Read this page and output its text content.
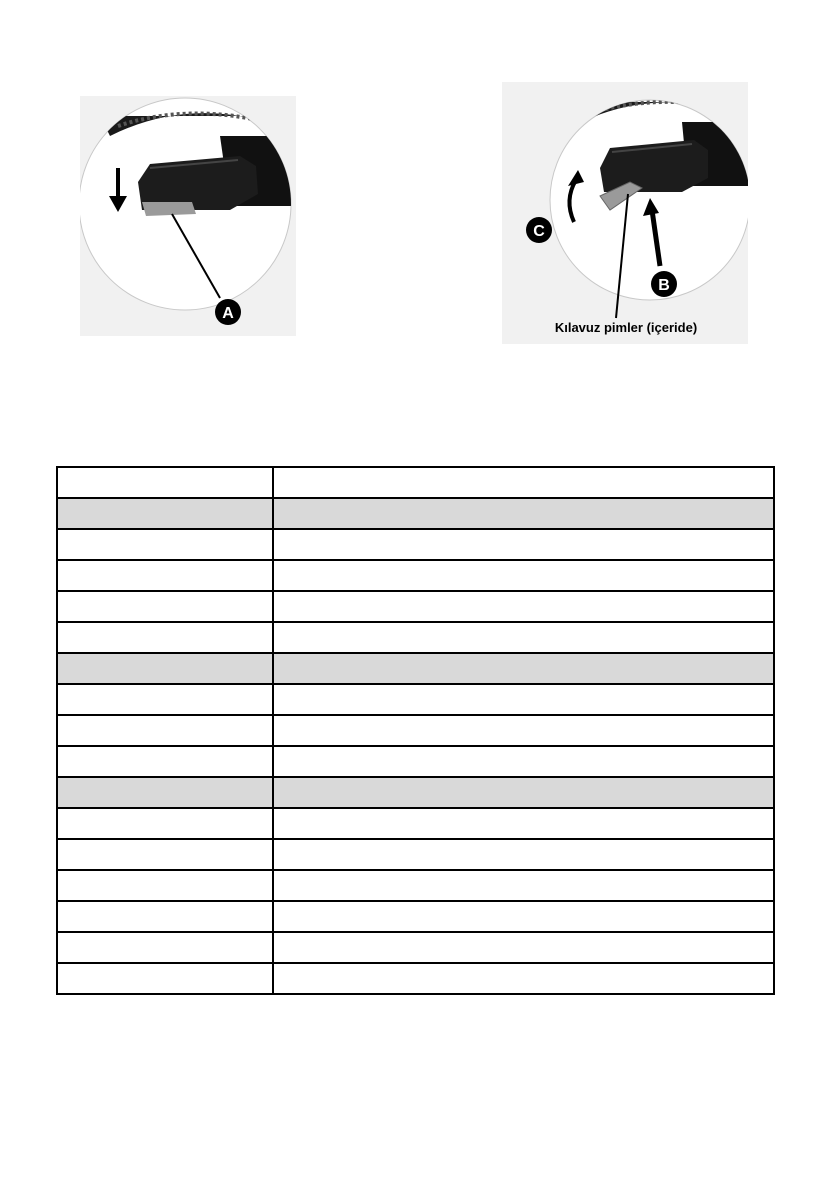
A
C
B
Kılavuz pimler (içeride)
